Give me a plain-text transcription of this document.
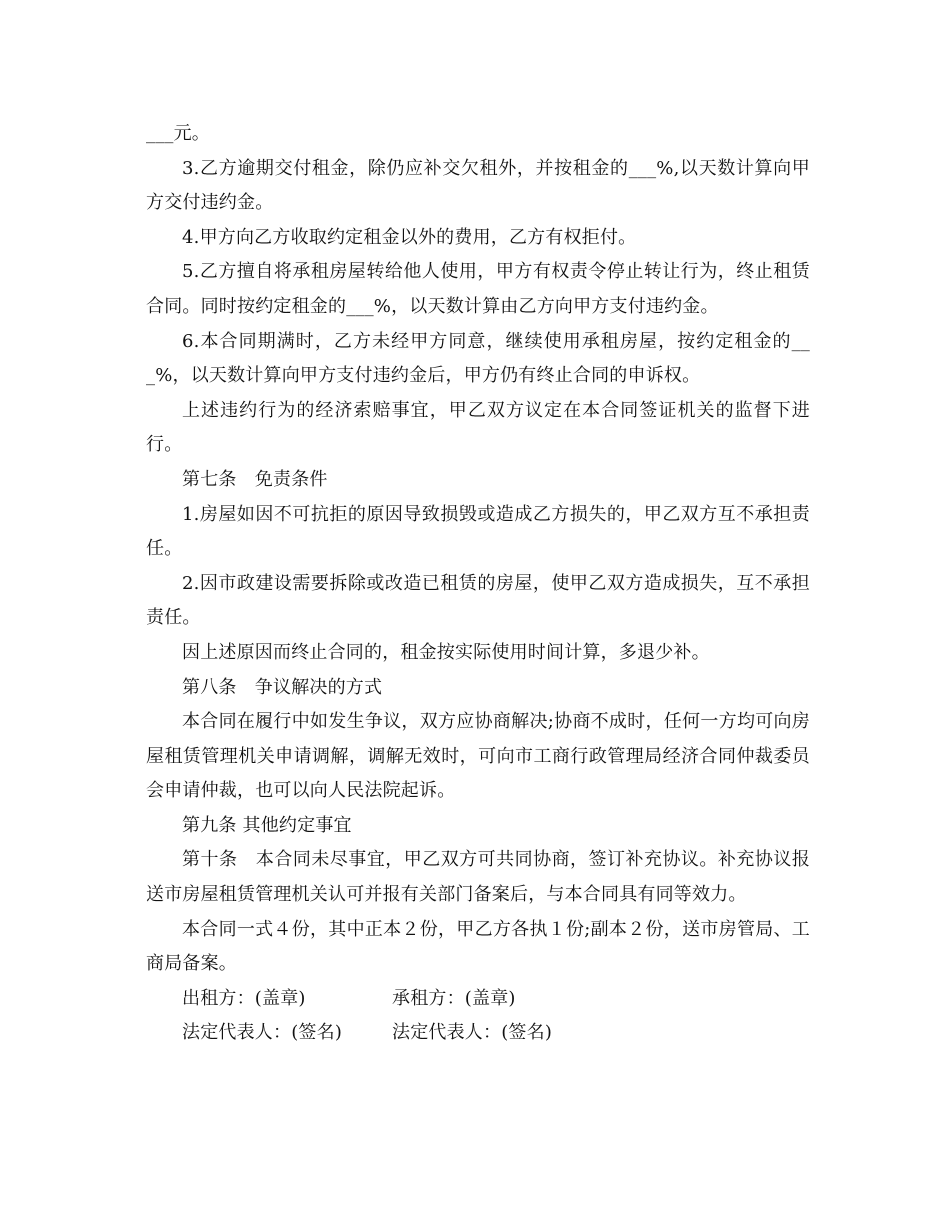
___元。

3.乙方逾期交付租金，除仍应补交欠租外，并按租金的___%,以天数计算向甲方交付违约金。

4.甲方向乙方收取约定租金以外的费用，乙方有权拒付。

5.乙方擅自将承租房屋转给他人使用，甲方有权责令停止转让行为，终止租赁合同。同时按约定租金的___%，以天数计算由乙方向甲方支付违约金。

6.本合同期满时，乙方未经甲方同意，继续使用承租房屋，按约定租金的___%，以天数计算向甲方支付违约金后，甲方仍有终止合同的申诉权。

上述违约行为的经济索赔事宜，甲乙双方议定在本合同签证机关的监督下进行。

第七条　免责条件

1.房屋如因不可抗拒的原因导致损毁或造成乙方损失的，甲乙双方互不承担责任。

2.因市政建设需要拆除或改造已租赁的房屋，使甲乙双方造成损失，互不承担责任。

因上述原因而终止合同的，租金按实际使用时间计算，多退少补。

第八条　争议解决的方式

本合同在履行中如发生争议，双方应协商解决;协商不成时，任何一方均可向房屋租赁管理机关申请调解，调解无效时，可向市工商行政管理局经济合同仲裁委员会申请仲裁，也可以向人民法院起诉。

第九条 其他约定事宜

第十条　本合同未尽事宜，甲乙双方可共同协商，签订补充协议。补充协议报送市房屋租赁管理机关认可并报有关部门备案后，与本合同具有同等效力。

本合同一式４份，其中正本２份，甲乙方各执１份;副本２份，送市房管局、工商局备案。

出租方：(盖章)	承租方：(盖章)
法定代表人：(签名)	法定代表人：(签名)
